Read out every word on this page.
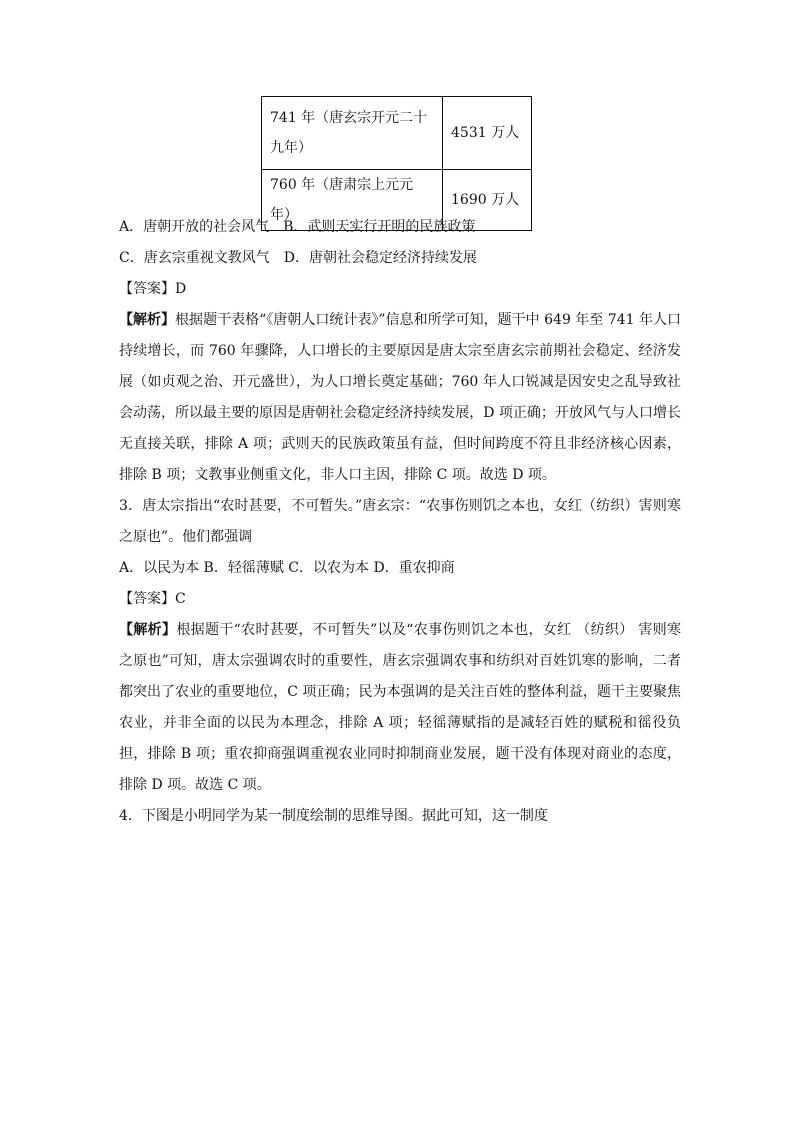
741 年（唐玄宗开元二十九年）	4531 万人
760 年（唐肃宗上元元年）	1690 万人

A．唐朝开放的社会风气 B．武则天实行开明的民族政策

C．唐玄宗重视文教风气 D．唐朝社会稳定经济持续发展

【答案】D

【解析】根据题干表格“《唐朝人口统计表》”信息和所学可知，题干中 649 年至 741 年人口持续增长，而 760 年骤降，人口增长的主要原因是唐太宗至唐玄宗前期社会稳定、经济发展（如贞观之治、开元盛世），为人口增长奠定基础；760 年人口锐减是因安史之乱导致社会动荡，所以最主要的原因是唐朝社会稳定经济持续发展，D 项正确；开放风气与人口增长无直接关联，排除 A 项；武则天的民族政策虽有益，但时间跨度不符且非经济核心因素，排除 B 项；文教事业侧重文化，非人口主因，排除 C 项。故选 D 项。

3．唐太宗指出“农时甚要，不可暂失。”唐玄宗：“农事伤则饥之本也，女红（纺织）害则寒之原也”。他们都强调

A．以民为本 B．轻徭薄赋 C．以农为本 D．重农抑商

【答案】C

【解析】根据题干“农时甚要，不可暂失”以及“农事伤则饥之本也，女红 （纺织） 害则寒之原也”可知，唐太宗强调农时的重要性，唐玄宗强调农事和纺织对百姓饥寒的影响，二者都突出了农业的重要地位，C 项正确；民为本强调的是关注百姓的整体利益，题干主要聚焦农业，并非全面的以民为本理念，排除 A 项；轻徭薄赋指的是减轻百姓的赋税和徭役负担，排除 B 项；重农抑商强调重视农业同时抑制商业发展，题干没有体现对商业的态度，排除 D 项。故选 C 项。

4．下图是小明同学为某一制度绘制的思维导图。据此可知，这一制度
